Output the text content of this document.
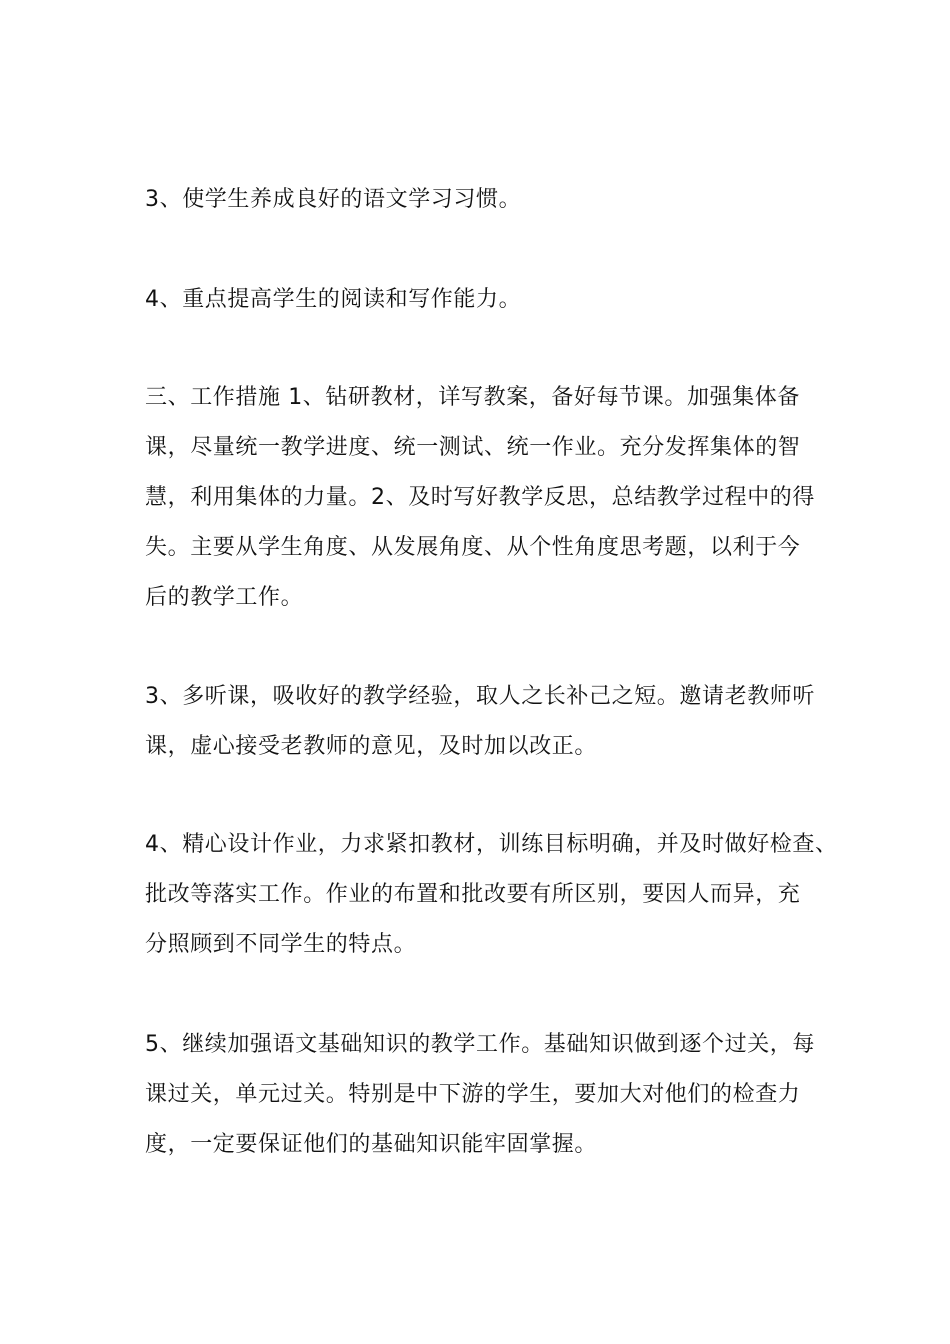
3、使学生养成良好的语文学习习惯。
4、重点提高学生的阅读和写作能力。
三、工作措施 1、钻研教材，详写教案，备好每节课。加强集体备
课，尽量统一教学进度、统一测试、统一作业。充分发挥集体的智
慧，利用集体的力量。2、及时写好教学反思，总结教学过程中的得
失。主要从学生角度、从发展角度、从个性角度思考题，以利于今
后的教学工作。
3、多听课，吸收好的教学经验，取人之长补己之短。邀请老教师听
课，虚心接受老教师的意见，及时加以改正。
4、精心设计作业，力求紧扣教材，训练目标明确，并及时做好检查、
批改等落实工作。作业的布置和批改要有所区别，要因人而异，充
分照顾到不同学生的特点。
5、继续加强语文基础知识的教学工作。基础知识做到逐个过关，每
课过关，单元过关。特别是中下游的学生，要加大对他们的检查力
度，一定要保证他们的基础知识能牢固掌握。
